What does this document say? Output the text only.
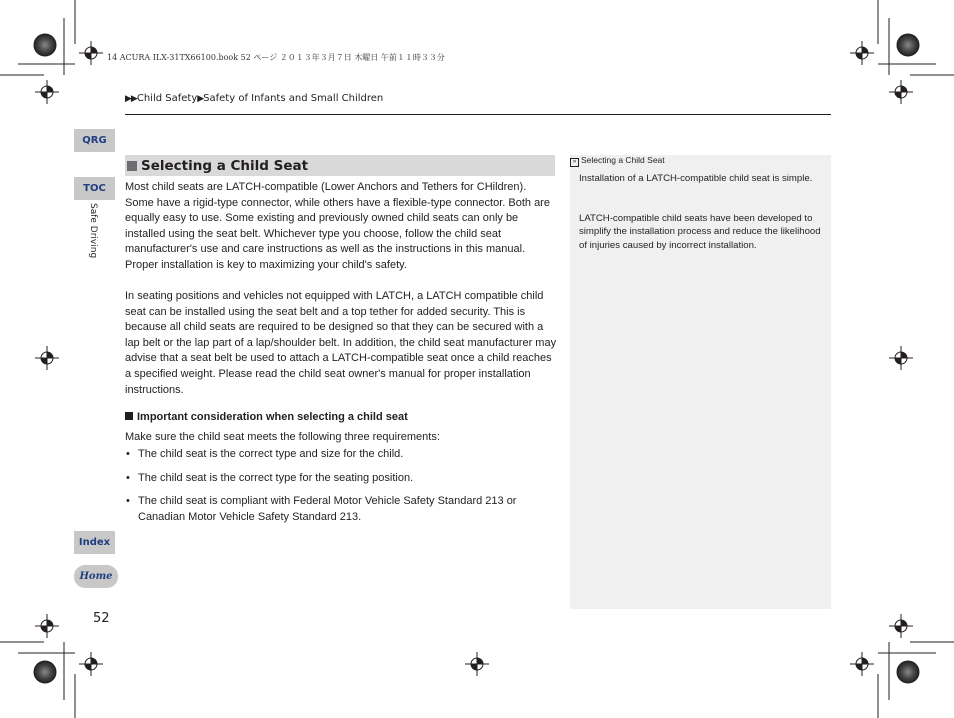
14 ACURA ILX-31TX66100.book 52 ページ ２０１３年３月７日 木曜日 午前１１時３３分
▶▶Child Safety▶Safety of Infants and Small Children
QRG
TOC
Safe Driving
Index
Home
52
Selecting a Child Seat
Most child seats are LATCH-compatible (Lower Anchors and Tethers for CHildren). Some have a rigid-type connector, while others have a flexible-type connector. Both are equally easy to use. Some existing and previously owned child seats can only be installed using the seat belt. Whichever type you choose, follow the child seat manufacturer's use and care instructions as well as the instructions in this manual. Proper installation is key to maximizing your child's safety.
In seating positions and vehicles not equipped with LATCH, a LATCH compatible child seat can be installed using the seat belt and a top tether for added security. This is because all child seats are required to be designed so that they can be secured with a lap belt or the lap part of a lap/shoulder belt. In addition, the child seat manufacturer may advise that a seat belt be used to attach a LATCH-compatible seat once a child reaches a specified weight. Please read the child seat owner's manual for proper installation instructions.
Important consideration when selecting a child seat
Make sure the child seat meets the following three requirements:
• The child seat is the correct type and size for the child.
• The child seat is the correct type for the seating position.
• The child seat is compliant with Federal Motor Vehicle Safety Standard 213 or Canadian Motor Vehicle Safety Standard 213.
» Selecting a Child Seat
Installation of a LATCH-compatible child seat is simple.
LATCH-compatible child seats have been developed to simplify the installation process and reduce the likelihood of injuries caused by incorrect installation.
